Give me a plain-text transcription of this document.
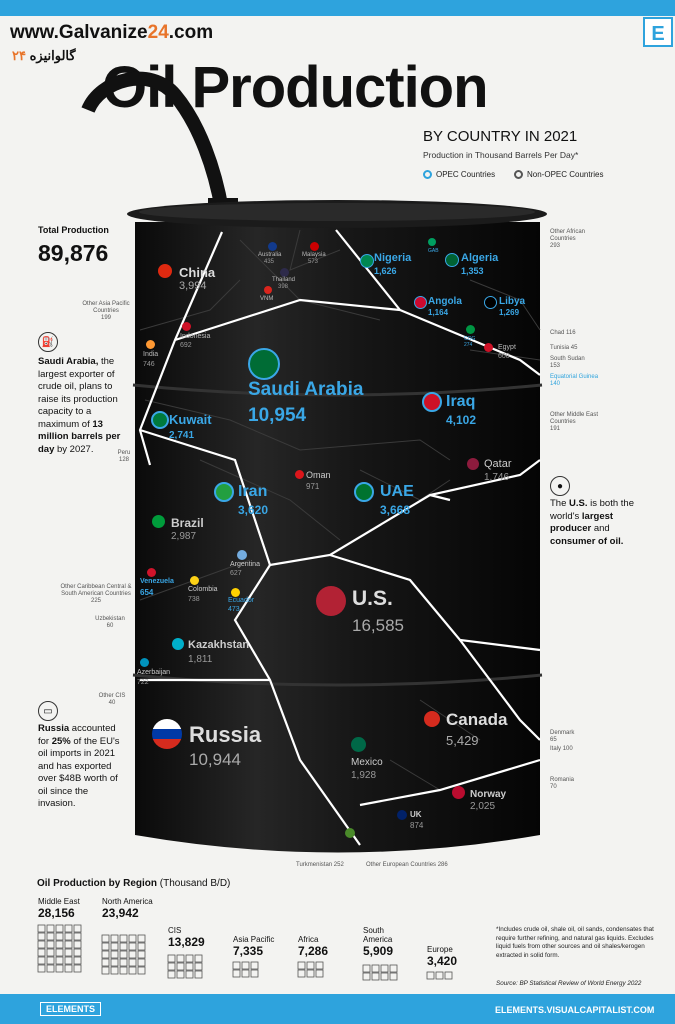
www.Galvanize24.com
۲۴ گالوانیزه
E
Oil Production
BY COUNTRY IN 2021
Production in Thousand Barrels Per Day*
OPEC Countries	Non-OPEC Countries
Total Production
89,876
China
3,994
Australia
435
Malaysia
573
Thailand
398
VNM
Indonesia
692
India
746
Nigeria
1,626
Algeria
1,353
GAB
Angola
1,164
Libya
1,269
COG
274	Egypt
608
Saudi Arabia
10,954
Iraq
4,102
Kuwait
2,741
Oman
971
Qatar
1,746
Iran
3,620
UAE
3,668
Brazil
2,987
Argentina
627
Venezuela
654	Colombia
738	Ecuador
473	U.S.
16,585
Kazakhstan
1,811
Azerbaijan
722
Russia
10,944
Canada
5,429
Mexico
1,928
Norway
2,025
UK
874
Other Asia Pacific Countries
199
Peru
128
Other Caribbean Central & South American Countries
225
Uzbekistan
60
Other CIS
40
Other African Countries
293
Chad 116
Tunisia 45
South Sudan
153
Equatorial Guinea
140
Other Middle East Countries
191
Denmark
65
Italy 100
Romania
70
Turkmenistan 252	Other European Countries 286
⛽
Saudi Arabia, the largest exporter of crude oil, plans to raise its production capacity to a maximum of 13 million barrels per day by 2027.
●
The U.S. is both the world's largest producer and consumer of oil.
▭
Russia accounted for 25% of the EU's oil imports in 2021 and has exported over $48B worth of oil since the invasion.
Oil Production by Region (Thousand B/D)
Middle East
28,156
North America
23,942
CIS
13,829	Asia Pacific
7,335
Africa
7,286
South America
5,909	Europe
3,420
*Includes crude oil, shale oil, oil sands, condensates that require further refining, and natural gas liquids. Excludes liquid fuels from other sources and oil shales/kerogen extracted in solid form.
Source: BP Statistical Review of World Energy 2022
ELEMENTS	ELEMENTS.VISUALCAPITALIST.COM
